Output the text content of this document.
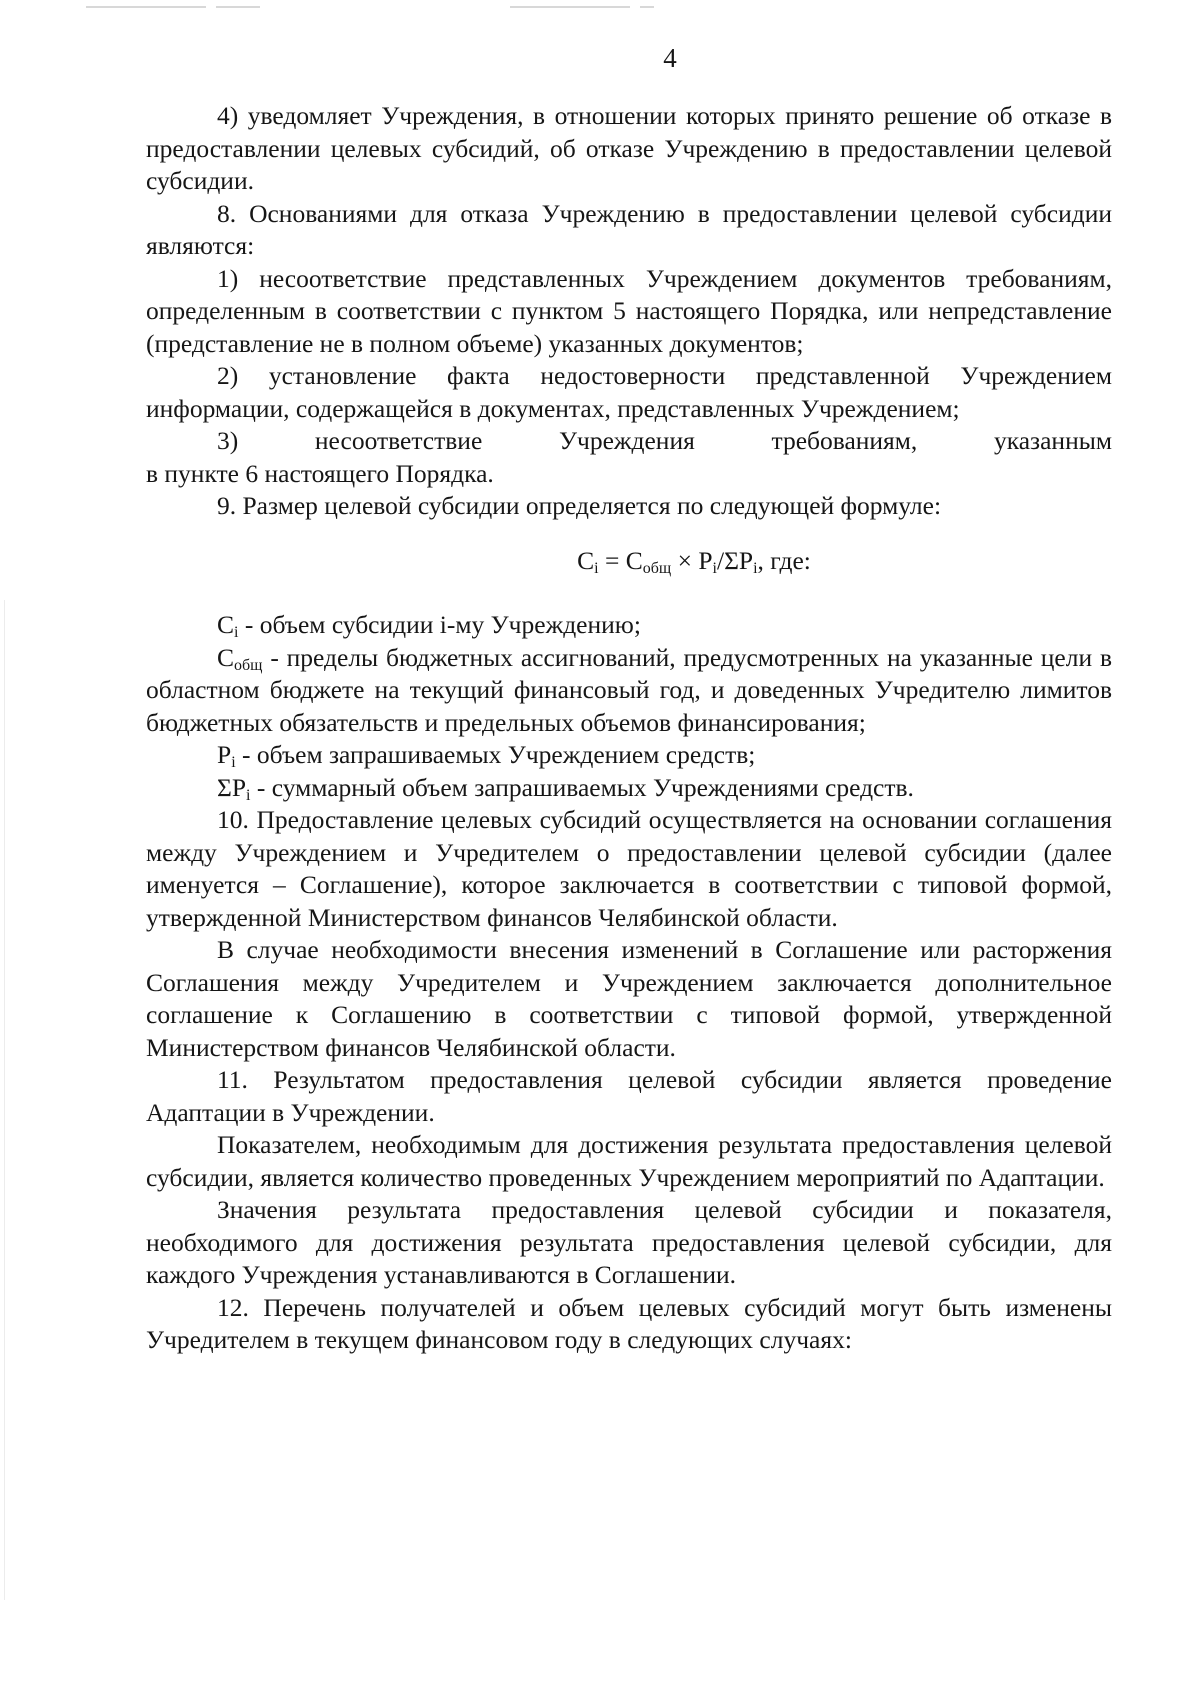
4

4) уведомляет Учреждения, в отношении которых принято решение об отказе в предоставлении целевых субсидий, об отказе Учреждению в предоставлении целевой субсидии.

8. Основаниями для отказа Учреждению в предоставлении целевой субсидии являются:

1) несоответствие представленных Учреждением документов требованиям, определенным в соответствии с пунктом 5 настоящего Порядка, или непредставление (представление не в полном объеме) указанных документов;

2) установление факта недостоверности представленной Учреждением информации, содержащейся в документах, представленных Учреждением;

3) несоответствие Учреждения требованиям, указанным

в пункте 6 настоящего Порядка.

9. Размер целевой субсидии определяется по следующей формуле:

$C_i = C_{общ} \times P_i/\Sigma P_i$, где:

$C_i$ - объем субсидии i-му Учреждению;

$C_{общ}$ - пределы бюджетных ассигнований, предусмотренных на указанные цели в областном бюджете на текущий финансовый год, и доведенных Учредителю лимитов бюджетных обязательств и предельных объемов финансирования;

$P_i$ - объем запрашиваемых Учреждением средств;

$\Sigma P_i$ - суммарный объем запрашиваемых Учреждениями средств.

10. Предоставление целевых субсидий осуществляется на основании соглашения между Учреждением и Учредителем о предоставлении целевой субсидии (далее именуется – Соглашение), которое заключается в соответствии с типовой формой, утвержденной Министерством финансов Челябинской области.

В случае необходимости внесения изменений в Соглашение или расторжения Соглашения между Учредителем и Учреждением заключается дополнительное соглашение к Соглашению в соответствии с типовой формой, утвержденной Министерством финансов Челябинской области.

11. Результатом предоставления целевой субсидии является проведение Адаптации в Учреждении.

Показателем, необходимым для достижения результата предоставления целевой субсидии, является количество проведенных Учреждением мероприятий по Адаптации.

Значения результата предоставления целевой субсидии и показателя, необходимого для достижения результата предоставления целевой субсидии, для каждого Учреждения устанавливаются в Соглашении.

12. Перечень получателей и объем целевых субсидий могут быть изменены Учредителем в текущем финансовом году в следующих случаях:
